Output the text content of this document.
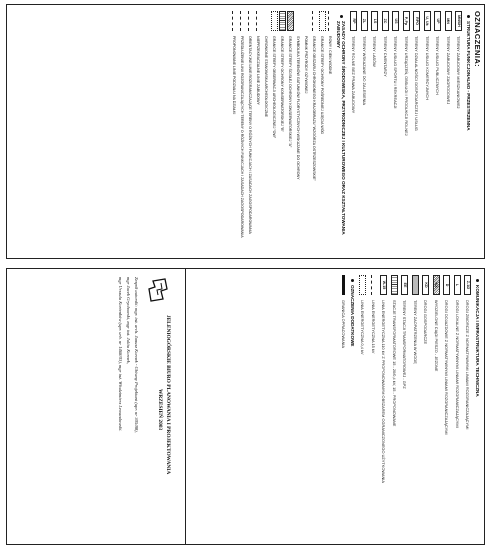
OZNACZENIA:
STRUKTURA FUNKCJONALNO - PRZESTRZENNA
MN/UH
TERENY ZABUDOWY MIESZKANIOWEJ
MN
TERENY ZABUDOWY ZAGRODOWEJ
UP
TERENY USŁUG PUBLICZNYCH
U, Uk
TERENY USŁUG KOMERCYJNYCH
RPO
TERENY DZIAŁALNOŚCI GOSPODARCZEJ I USŁUG
P, Pp
TERENY URZĄDZEŃ, OBSŁUGI I PRODUKCJI ROLNEJ
US
TERENY USŁUG SPORTU I REKREACJI
ZC
TERENY CMENTARZY
LS
TERENY LASÓW
ZL
TERENY WSKAZANE DO ZALESIENIA
RP
TERENY ROLNE BEZ PRAWA ZABUDOWY
ZASADY OCHRONY ŚRODOWISKA, PRZYRODNICZEJ I KULTUROWEGO ORAZ KSZTAŁTOWANIA ZABUDOWY
ROWY I CIEKI WODNE
GRANICE STREFY OCHRONY POŚREDNIEJ UJĘCIA WÓD
GRANICE OBSZARU CHRONIONEGO KRAJOBRAZU "WZGÓRZA OSTRZESZOWSKIE"
POMNIK PRZYRODY OŻYWIONEJ
SYMBOLIKA TERENÓW GATUNKÓW FLORYSTYCZNYCH WSKAZANE DO OCHRONY
GRANICE STREFY ŚCISŁEJ OCHRONY KONSERWATORSKIEJ "A"
GRANICE STREFY OCHRONY KONSERWATORSKIEJ "B"
GRANICE STREFY OBSERWACJI ARCHEOLOGICZNEJ "OW"
CHRONIONE STANOWISKA ARCHEOLOGICZNE
NIEPRZEKRACZALNE LINIE ZABUDOWY
ORIENTACYJNE LINIE ROZGRANICZAJĄCE TERENY O RÓŻNYCH FUNKCJACH I ZASADACH ZAGOSPODAROWANIA
PRZEDŁUŻENIE LINII ROZGRANICZAJĄCYCH TERENY O RÓŻNYCH FUNKCJACH I ZASADACH ZAGOSPODAROWANIA
PROPONOWANE LINIE PODZIAŁU NA DZIAŁKI
KOMUNIKACJA I INFRASTRUKTURA TECHNICZNA
Z-1/2
DROGI ZBIORCZE Z NORMATYWNYMI LINIAMI ROZGRANICZAJĄCYMI
L
DROGI LOKALNE Z NORMATYWNYMI LINIAMI ROZGRANICZAJĄCYMI
D
DROGI DOJAZDOWE Z NORMATYWNYMI LINIAMI ROZGRANICZAJĄCYMI
KX
WYDZIELONE CIĄGI PIESZO - JEZDNE
KD
DROGI GOSPODARCZE
TERENY ZAOPATRZENIA W WODĘ
EE
TERENY STACJI TRANSFORMATOROWEJ - GPZ
STACJE TRANSFORMATOROWE 15 - 20/0,4 kV, 15 - PROPONOWANE
W-15
LINIA ENERGETYCZNA 110 kV Z PROPONOWANYM OBSZAREM OGRANICZONEGO UŻYTKOWANIA
LINIA ENERGETYCZNA 15 kV
LINIA ENERGETYCZNA 0,4 kV
OZNACZENIA DODATKOWE
GRANICA OPRACOWANIA
JELENIOGÓRSKIE BIURO PLANOWANIA I PROJEKTOWANIA
WRZESIEŃ 2003
Zespół autorski: mgr. inż. arch. Janusz Kornek - Główny Projektant (upr. nr 305/88),
mgr Jacek Grychowski, mgr inż. Julita Kornek,
mgr Urszula Kortenków (upr. urb. nr 1468/03), mgr inż. Włodzimierz Lewandowski.
